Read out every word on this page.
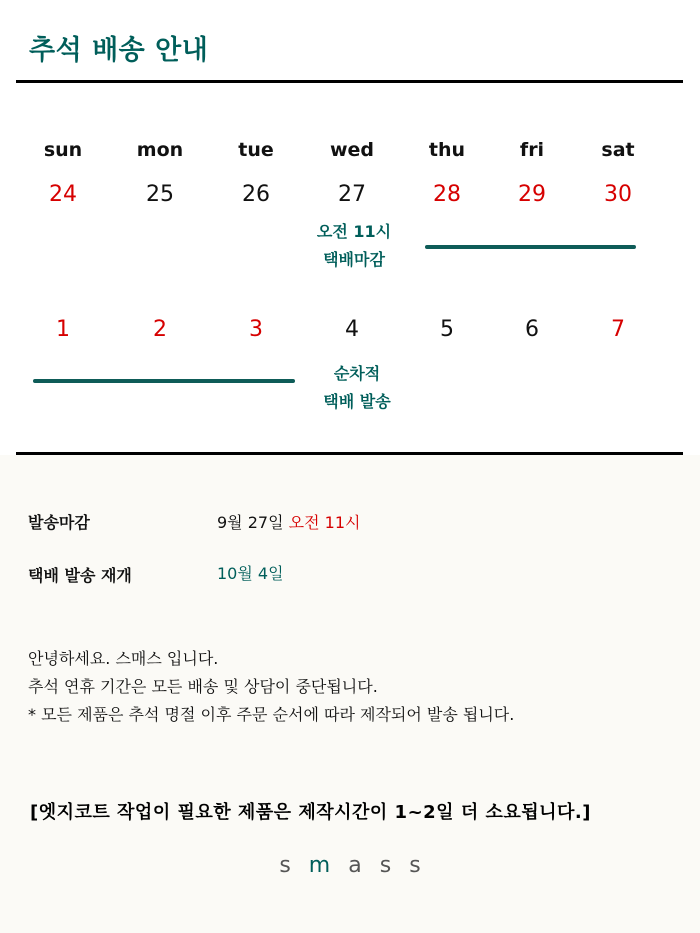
추석 배송 안내
sun	mon	tue	wed	thu	fri	sat
24	25	26	27	28	29	30
오전 11시
택배마감
1	2	3	4	5	6	7
순차적
택배 발송
발송마감	9월 27일 오전 11시
택배 발송 재개	10월 4일
안녕하세요. 스매스 입니다.
추석 연휴 기간은 모든 배송 및 상담이 중단됩니다.
* 모든 제품은 추석 명절 이후 주문 순서에 따라 제작되어 발송 됩니다.
[엣지코트 작업이 필요한 제품은 제작시간이 1~2일 더 소요됩니다.]
s m a s s
